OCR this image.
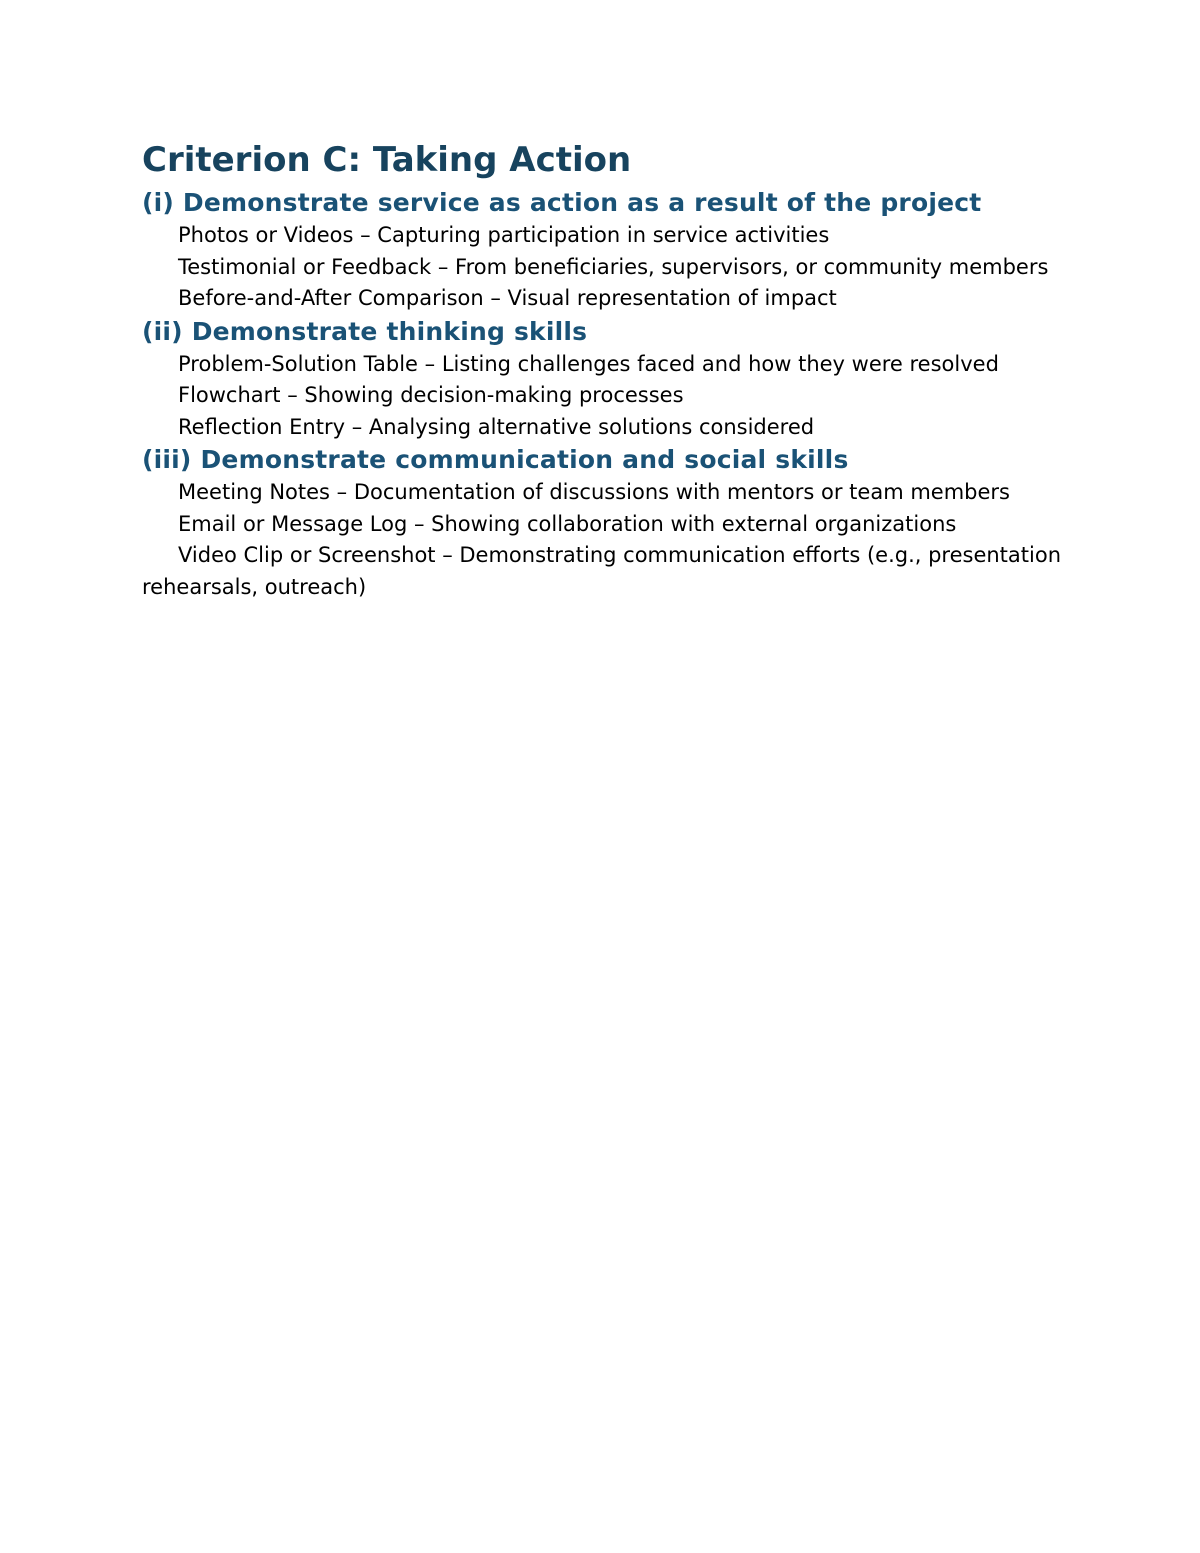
Criterion C: Taking Action
(i) Demonstrate service as action as a result of the project

Photos or Videos – Capturing participation in service activities

Testimonial or Feedback – From beneficiaries, supervisors, or community members

Before-and-After Comparison – Visual representation of impact

(ii) Demonstrate thinking skills

Problem-Solution Table – Listing challenges faced and how they were resolved

Flowchart – Showing decision-making processes

Reflection Entry – Analysing alternative solutions considered

(iii) Demonstrate communication and social skills

Meeting Notes – Documentation of discussions with mentors or team members

Email or Message Log – Showing collaboration with external organizations

Video Clip or Screenshot – Demonstrating communication efforts (e.g., presentation rehearsals, outreach)
